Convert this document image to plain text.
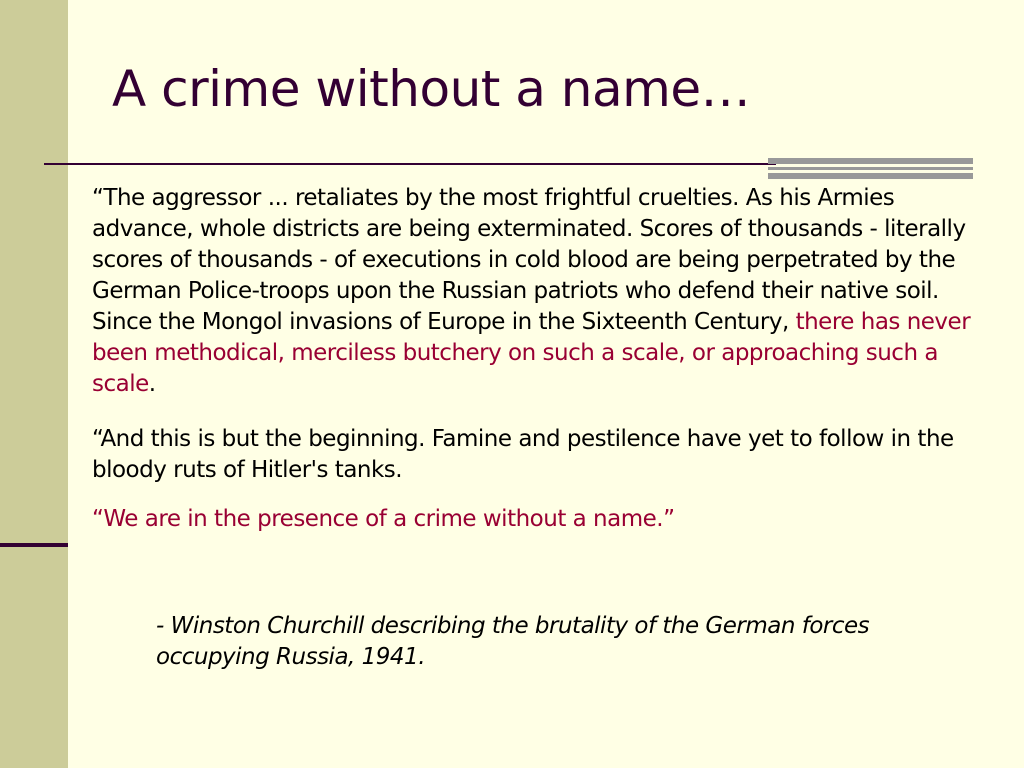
A crime without a name…

“The aggressor ... retaliates by the most frightful cruelties. As his Armies advance, whole districts are being exterminated. Scores of thousands - literally scores of thousands - of executions in cold blood are being perpetrated by the German Police-troops upon the Russian patriots who defend their native soil. Since the Mongol invasions of Europe in the Sixteenth Century, there has never been methodical, merciless butchery on such a scale, or approaching such a scale.

“And this is but the beginning. Famine and pestilence have yet to follow in the bloody ruts of Hitler's tanks.

“We are in the presence of a crime without a name.”

- Winston Churchill describing the brutality of the German forces occupying Russia, 1941.
